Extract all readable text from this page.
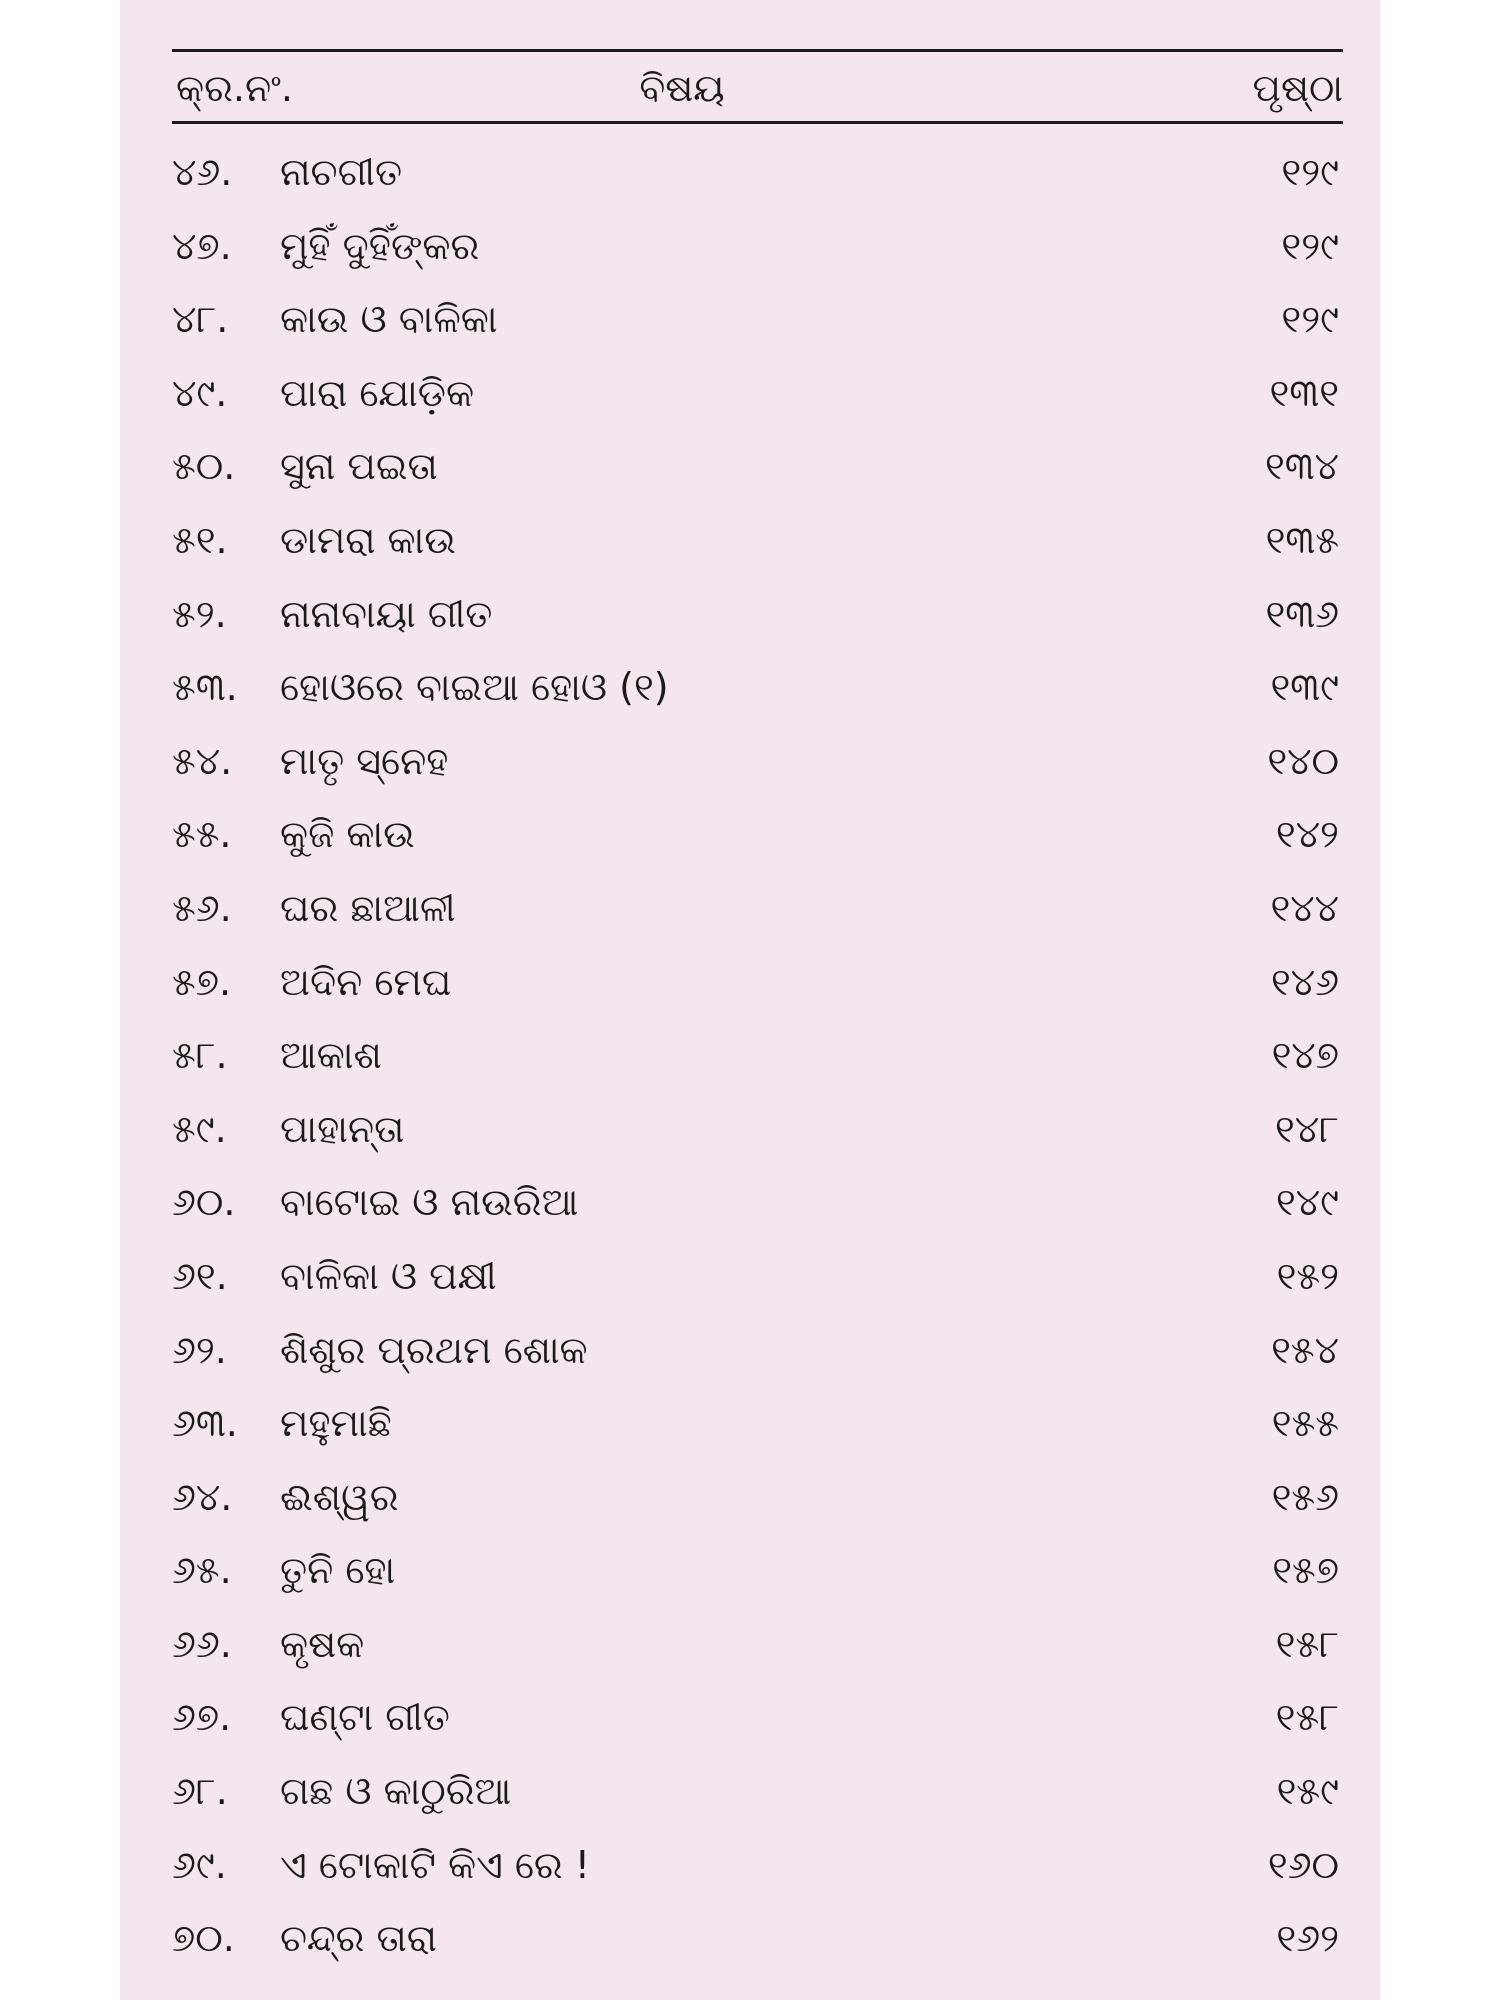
କ୍ର.ନଂ.	ବିଷୟ	ପୃଷ୍ଠା
୪୬.	ନାଚଗୀତ	୧୨୯
୪୭.	ମୁହିଁ ଦୁହିଁଙ୍କର	୧୨୯
୪୮.	କାଉ ଓ ବାଳିକା	୧୨୯
୪୯.	ପାରା ଯୋଡ଼ିକ	୧୩୧
୫୦.	ସୁନା ପଇତା	୧୩୪
୫୧.	ଡାମରା କାଉ	୧୩୫
୫୨.	ନାନାବାୟା ଗୀତ	୧୩୬
୫୩.	ହୋଓରେ ବାଇଆ ହୋଓ (୧)	୧୩୯
୫୪.	ମାତୃ ସ୍ନେହ	୧୪୦
୫୫.	କୁଜି କାଉ	୧୪୨
୫୬.	ଘର ଛାଆଳୀ	୧୪୪
୫୭.	ଅଦିନ ମେଘ	୧୪୬
୫୮.	ଆକାଶ	୧୪୭
୫୯.	ପାହାନ୍ତା	୧୪୮
୬୦.	ବାଟୋଇ ଓ ନାଉରିଆ	୧୪୯
୬୧.	ବାଳିକା ଓ ପକ୍ଷୀ	୧୫୨
୬୨.	ଶିଶୁର ପ୍ରଥମ ଶୋକ	୧୫୪
୬୩.	ମହୁମାଛି	୧୫୫
୬୪.	ଈଶ୍ୱର	୧୫୬
୬୫.	ତୁନି ହୋ	୧୫୭
୬୬.	କୃଷକ	୧୫୮
୬୭.	ଘଣ୍ଟା ଗୀତ	୧୫୮
୬୮.	ଗଛ ଓ କାଠୁରିଆ	୧୫୯
୬୯.	ଏ ଟୋକାଟି କିଏ ରେ !	୧୬୦
୭୦.	ଚନ୍ଦ୍ର ତାରା	୧୬୨
